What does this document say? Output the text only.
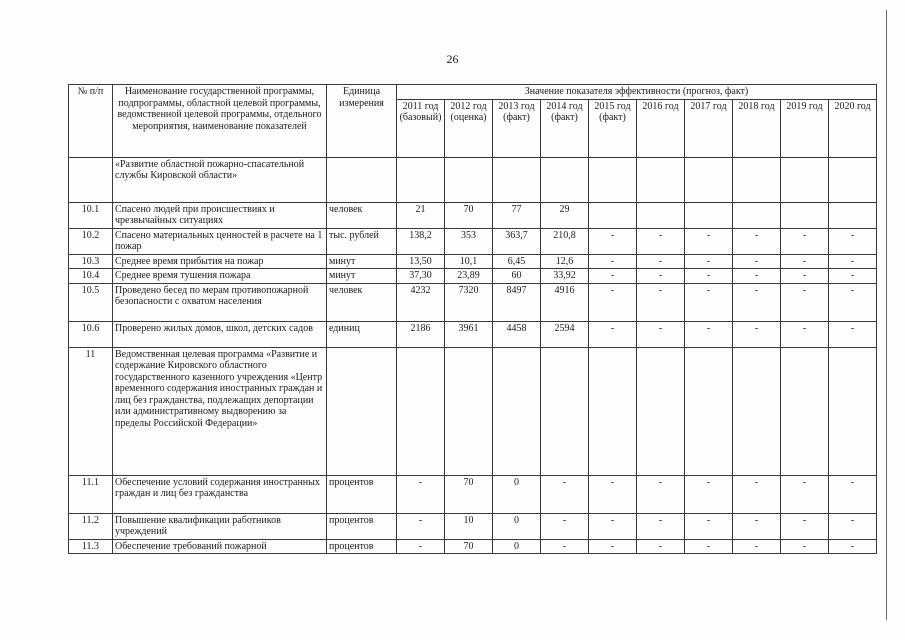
26
№ п/п	Наименование государственной программы, подпрограммы, областной целевой программы, ведомственной целевой программы, отдельного мероприятия, наименование показателей	Единица измерения	Значение показателя эффективности (прогноз, факт)									
			2011 год (базовый)	2012 год (оценка)	2013 год (факт)	2014 год (факт)	2015 год (факт)	2016 год	2017 год	2018 год	2019 год	2020 год
	«Развитие областной пожарно-спасательной службы Кировской области»											
10.1	Спасено людей при происшествиях и чрезвычайных ситуациях	человек	21	70	77	29						
10.2	Спасено материальных ценностей в расчете на 1 пожар	тыс. рублей	138,2	353	363,7	210,8	-	-	-	-	-	-
10.3	Среднее время прибытия на пожар	минут	13,50	10,1	6,45	12,6	-	-	-	-	-	-
10.4	Среднее время тушения пожара	минут	37,30	23,89	60	33,92	-	-	-	-	-	-
10.5	Проведено бесед по мерам противопожарной безопасности с охватом населения	человек	4232	7320	8497	4916	-	-	-	-	-	-
10.6	Проверено жилых домов, школ, детских садов	единиц	2186	3961	4458	2594	-	-	-	-	-	-
11	Ведомственная целевая программа «Развитие и содержание Кировского областного государственного казенного учреждения «Центр временного содержания иностранных граждан и лиц без гражданства, подлежащих депортации или административному выдворению за пределы Российской Федерации»											
11.1	Обеспечение условий содержания иностранных граждан и лиц без гражданства	процентов	-	70	0	-	-	-	-	-	-	-
11.2	Повышение квалификации работников учреждений	процентов	-	10	0	-	-	-	-	-	-	-
11.3	Обеспечение требований пожарной	процентов	-	70	0	-	-	-	-	-	-	-
